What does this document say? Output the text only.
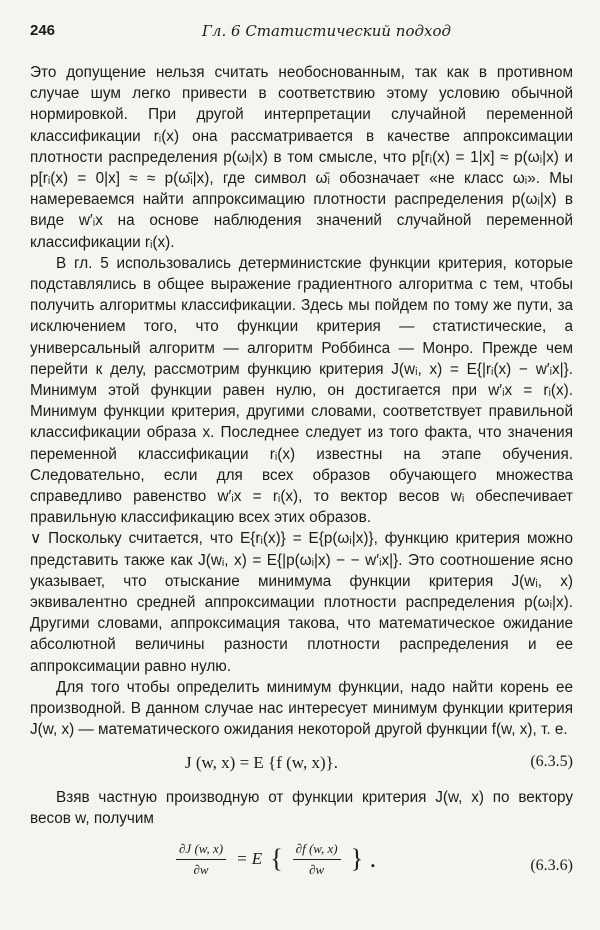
246	Гл. 6 Статистический подход

Это допущение нельзя считать необоснованным, так как в противном случае шум легко привести в соответствию этому условию обычной нормировкой. При другой интерпретации случайной переменной классификации rᵢ(x) она рассматривается в качестве аппроксимации плотности распределения p(ωᵢ|x) в том смысле, что p[rᵢ(x) = 1|x] ≈ p(ωᵢ|x) и p[rᵢ(x) = 0|x] ≈ ≈ p(ω̄ᵢ|x), где символ ω̄ᵢ обозначает «не класс ωᵢ». Мы намереваемся найти аппроксимацию плотности распределения p(ωᵢ|x) в виде w′ᵢx на основе наблюдения значений случайной переменной классификации rᵢ(x).

В гл. 5 использовались детерминистские функции критерия, которые подставлялись в общее выражение градиентного алгоритма с тем, чтобы получить алгоритмы классификации. Здесь мы пойдем по тому же пути, за исключением того, что функции критерия — статистические, а универсальный алгоритм — алгоритм Роббинса — Монро. Прежде чем перейти к делу, рассмотрим функцию критерия J(wᵢ, x) = E{|rᵢ(x) − w′ᵢx|}. Минимум этой функции равен нулю, он достигается при w′ᵢx = rᵢ(x). Минимум функции критерия, другими словами, соответствует правильной классификации образа x. Последнее следует из того факта, что значения переменной классификации rᵢ(x) известны на этапе обучения. Следовательно, если для всех образов обучающего множества справедливо равенство w′ᵢx = rᵢ(x), то вектор весов wᵢ обеспечивает правильную классификацию всех этих образов.

∨ Поскольку считается, что E{rᵢ(x)} = E{p(ωᵢ|x)}, функцию критерия можно представить также как J(wᵢ, x) = E{|p(ωᵢ|x) − − w′ᵢx|}. Это соотношение ясно указывает, что отыскание минимума функции критерия J(wᵢ, x) эквивалентно средней аппроксимации плотности распределения p(ωᵢ|x). Другими словами, аппроксимация такова, что математическое ожидание абсолютной величины разности плотности распределения и ее аппроксимации равно нулю.

Для того чтобы определить минимум функции, надо найти корень ее производной. В данном случае нас интересует минимум функции критерия J(w, x) — математического ожидания некоторой другой функции f(w, x), т. е.

J (w, x) = E {f (w, x)}.	(6.3.5)

Взяв частную производную от функции критерия J(w, x) по вектору весов w, получим

$\frac{\partial J (w, x)}{\partial w} = E$ { $\frac{\partial f (w, x)}{\partial w}$ } .	(6.3.6)
